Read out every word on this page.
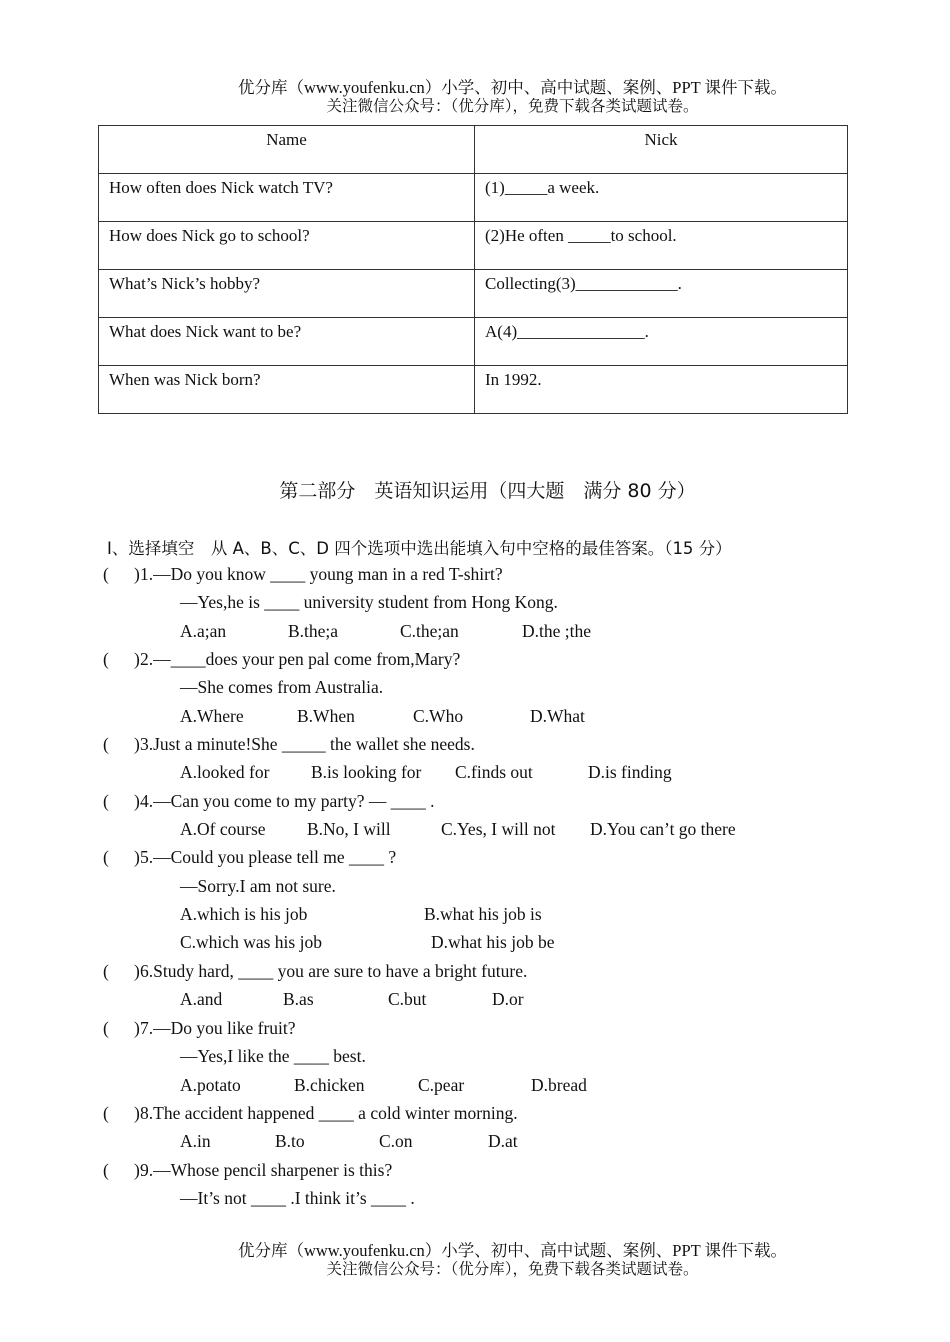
优分库（www.youfenku.cn）小学、初中、高中试题、案例、PPT 课件下载。
关注微信公众号：（优分库），免费下载各类试题试卷。
Name	Nick
How often does Nick watch TV?	(1)_____a week.
How does Nick go to school?	(2)He often _____to school.
What’s Nick’s hobby?	Collecting(3)____________.
What does Nick want to be?	A(4)_______________.
When was Nick born?	In 1992.
第二部分　英语知识运用（四大题　满分 80 分）
Ⅰ、选择填空　从 A、B、C、D 四个选项中选出能填入句中空格的最佳答案。（15 分）
( ) 1.—Do you know ____ young man in a red T-shirt?
—Yes,he is ____ university student from Hong Kong.
A.a;an	B.the;a	C.the;an	D.the ;the
( ) 2.—____does your pen pal come from,Mary?
—She comes from Australia.
A.Where	B.When	C.Who	D.What
( ) 3.Just a minute!She _____ the wallet she needs.
A.looked for B.is looking for C.finds out	D.is finding
( ) 4.—Can you come to my party? — ____ .
A.Of course B.No, I will	C.Yes, I will not D.You can’t go there
( ) 5.—Could you please tell me ____ ?
—Sorry.I am not sure.
A.which is his job	B.what his job is
C.which was his job	D.what his job be
( ) 6.Study hard, ____ you are sure to have a bright future.
A.and	B.as	C.but	D.or
( ) 7.—Do you like fruit?
—Yes,I like the ____ best.
A.potato	B.chicken	C.pear	D.bread
( ) 8.The accident happened ____ a cold winter morning.
A.in	B.to	C.on	D.at
( ) 9.—Whose pencil sharpener is this?
—It’s not ____ .I think it’s ____ .
优分库（www.youfenku.cn）小学、初中、高中试题、案例、PPT 课件下载。
关注微信公众号：（优分库），免费下载各类试题试卷。
